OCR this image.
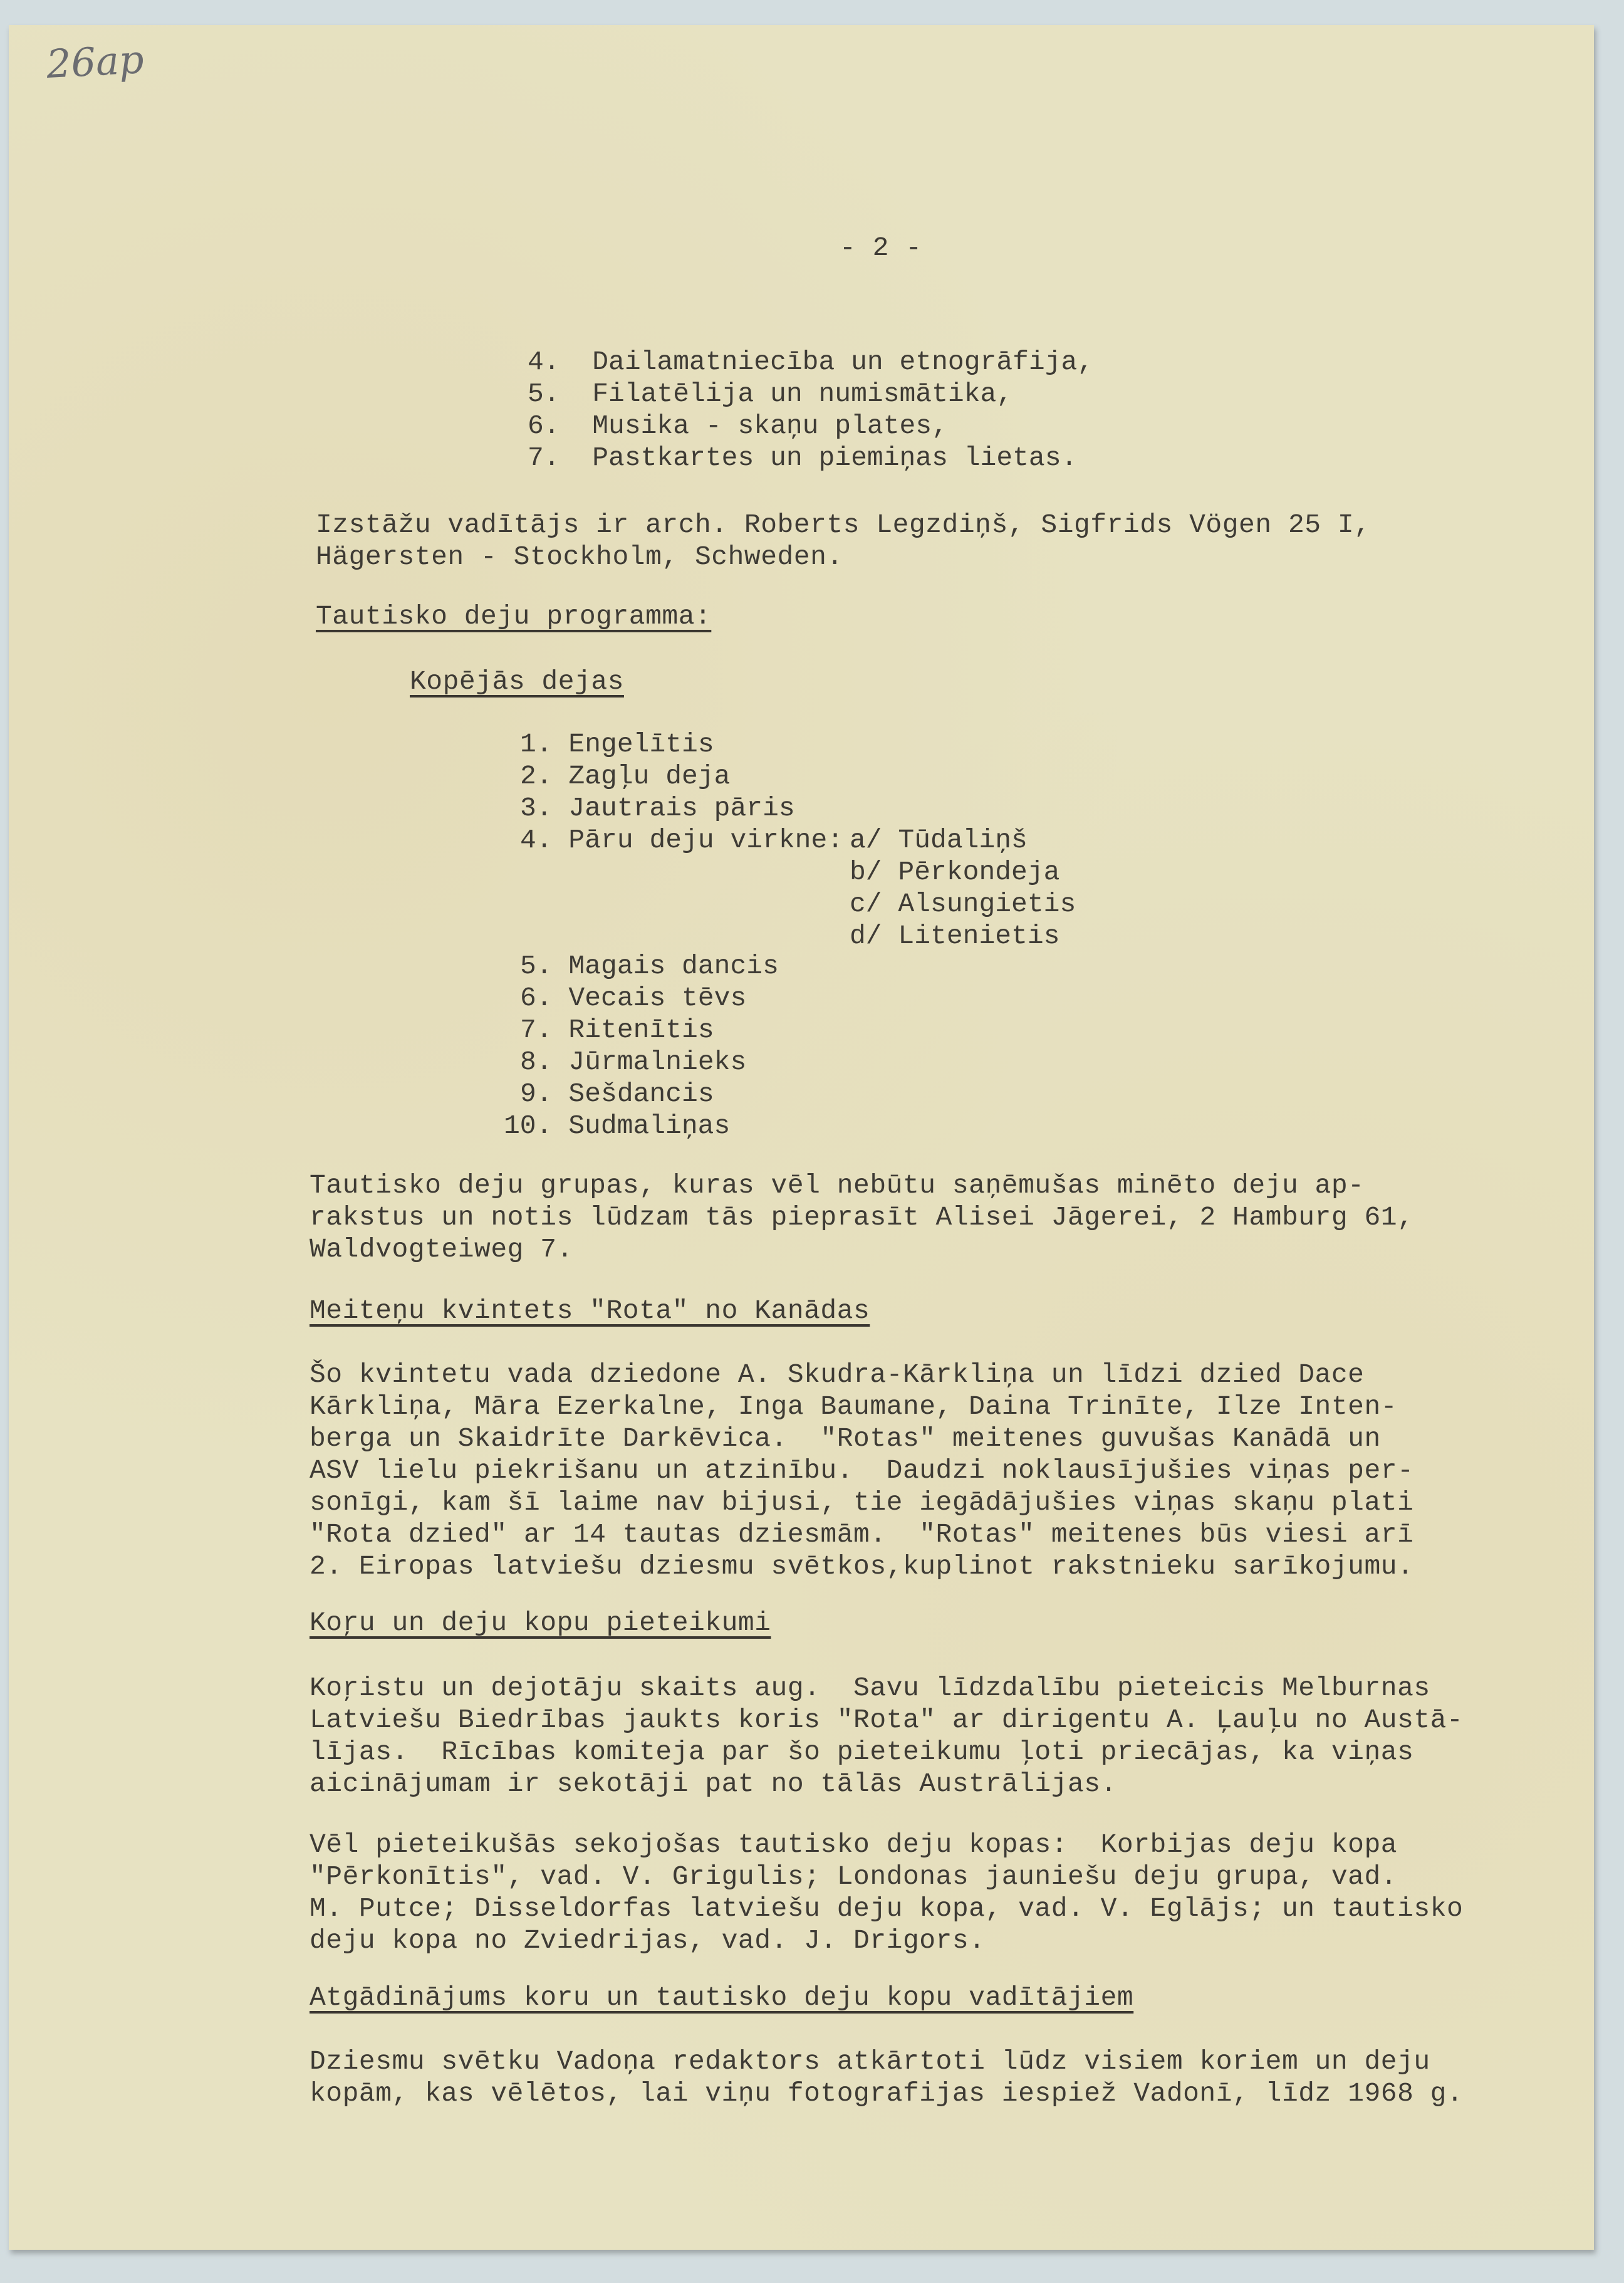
26ap
- 2 -
4. Dailamatniecība un etnogrāfija,
5. Filatēlija un numismātika,
6. Musika - skaņu plates,
7. Pastkartes un piemiņas lietas.
Izstāžu vadītājs ir arch. Roberts Legzdiņš, Sigfrids Vögen 25 I,
Hägersten - Stockholm, Schweden.
Tautisko deju programma:
Kopējās dejas
1. Engelītis
2. Zagļu deja
3. Jautrais pāris
4. Pāru deju virkne: a/ Tūdaliņš
b/ Pērkondeja
c/ Alsungietis
d/ Litenietis
5. Magais dancis
6. Vecais tēvs
7. Ritenītis
8. Jūrmalnieks
9. Sešdancis
10. Sudmaliņas
Tautisko deju grupas, kuras vēl nebūtu saņēmušas minēto deju ap-
rakstus un notis lūdzam tās pieprasīt Alisei Jāgerei, 2 Hamburg 61,
Waldvogteiweg 7.
Meiteņu kvintets "Rota" no Kanādas
Šo kvintetu vada dziedone A. Skudra-Kārkliņa un līdzi dzied Dace
Kārkliņa, Māra Ezerkalne, Inga Baumane, Daina Trinīte, Ilze Inten-
berga un Skaidrīte Darkēvica.  "Rotas" meitenes guvušas Kanādā un
ASV lielu piekrišanu un atzinību.  Daudzi noklausījušies viņas per-
sonīgi, kam šī laime nav bijusi, tie iegādājušies viņas skaņu plati
"Rota dzied" ar 14 tautas dziesmām.  "Rotas" meitenes būs viesi arī
2. Eiropas latviešu dziesmu svētkos,kuplinot rakstnieku sarīkojumu.
Koŗu un deju kopu pieteikumi
Koŗistu un dejotāju skaits aug.  Savu līdzdalību pieteicis Melburnas
Latviešu Biedrības jaukts koris "Rota" ar dirigentu A. Ļauļu no Austā-
lījas.  Rīcības komiteja par šo pieteikumu ļoti priecājas, ka viņas
aicinājumam ir sekotāji pat no tālās Austrālijas.
Vēl pieteikušās sekojošas tautisko deju kopas:  Korbijas deju kopa
"Pērkonītis", vad. V. Grigulis; Londonas jauniešu deju grupa, vad.
M. Putce; Disseldorfas latviešu deju kopa, vad. V. Eglājs; un tautisko
deju kopa no Zviedrijas, vad. J. Drigors.
Atgādinājums koru un tautisko deju kopu vadītājiem
Dziesmu svētku Vadoņa redaktors atkārtoti lūdz visiem koriem un deju
kopām, kas vēlētos, lai viņu fotografijas iespiež Vadonī, līdz 1968 g.
